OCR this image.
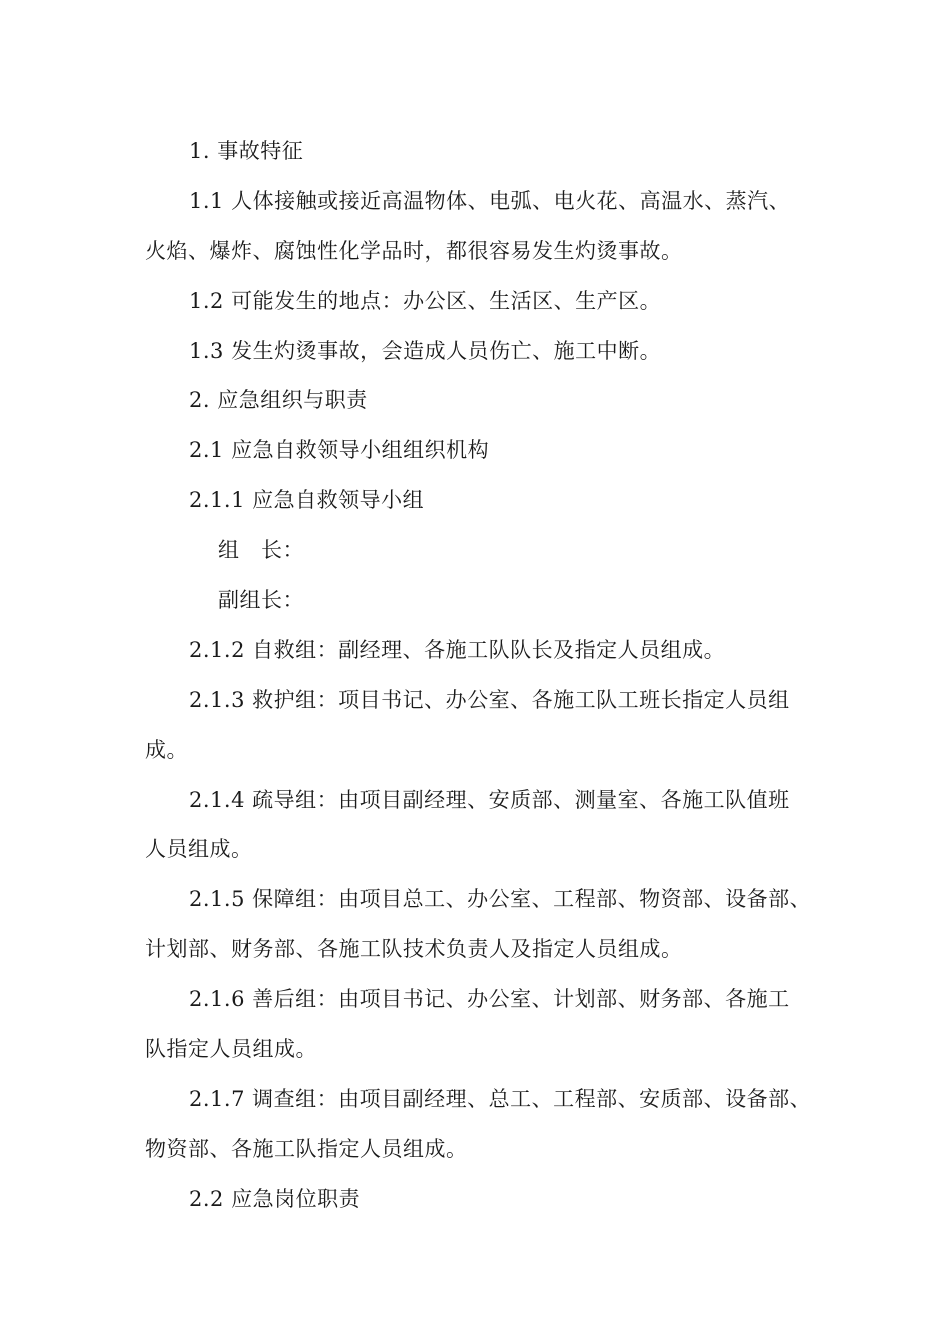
1. 事故特征
1.1 人体接触或接近高温物体、电弧、电火花、高温水、蒸汽、
火焰、爆炸、腐蚀性化学品时，都很容易发生灼烫事故。
1.2 可能发生的地点：办公区、生活区、生产区。
1.3 发生灼烫事故，会造成人员伤亡、施工中断。
2. 应急组织与职责
2.1 应急自救领导小组组织机构
2.1.1 应急自救领导小组
组　长：
副组长：
2.1.2 自救组：副经理、各施工队队长及指定人员组成。
2.1.3 救护组：项目书记、办公室、各施工队工班长指定人员组
成。
2.1.4 疏导组：由项目副经理、安质部、测量室、各施工队值班
人员组成。
2.1.5 保障组：由项目总工、办公室、工程部、物资部、设备部、
计划部、财务部、各施工队技术负责人及指定人员组成。
2.1.6 善后组：由项目书记、办公室、计划部、财务部、各施工
队指定人员组成。
2.1.7 调查组：由项目副经理、总工、工程部、安质部、设备部、
物资部、各施工队指定人员组成。
2.2 应急岗位职责
